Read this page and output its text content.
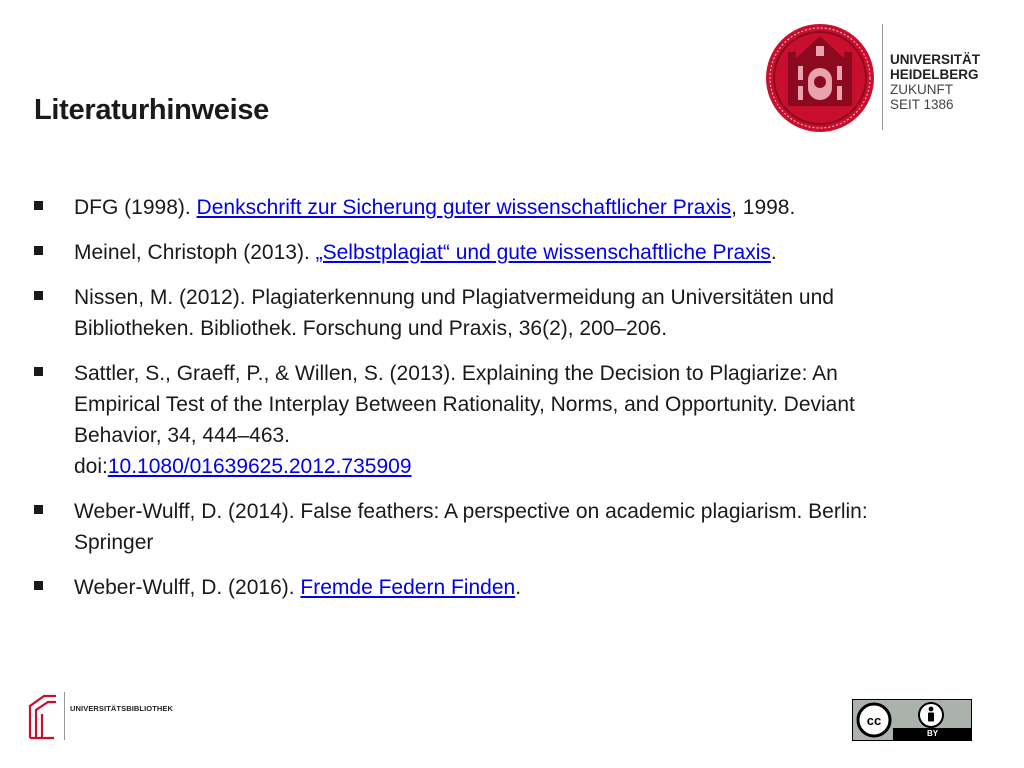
Literaturhinweise
UNIVERSITÄT
HEIDELBERG
ZUKUNFT
SEIT 1386
DFG (1998). Denkschrift zur Sicherung guter wissenschaftlicher Praxis, 1998.
Meinel, Christoph (2013). „Selbstplagiat“ und gute wissenschaftliche Praxis.
Nissen, M. (2012). Plagiaterkennung und Plagiatvermeidung an Universitäten und Bibliotheken. Bibliothek. Forschung und Praxis, 36(2), 200–206.
Sattler, S., Graeff, P., & Willen, S. (2013). Explaining the Decision to Plagiarize: An Empirical Test of the Interplay Between Rationality, Norms, and Opportunity. Deviant Behavior, 34, 444–463.
doi:10.1080/01639625.2012.735909
Weber-Wulff, D. (2014). False feathers: A perspective on academic plagiarism. Berlin: Springer
Weber-Wulff, D. (2016). Fremde Federn Finden.
UNIVERSITÄTSBIBLIOTHEK
cc
BY
